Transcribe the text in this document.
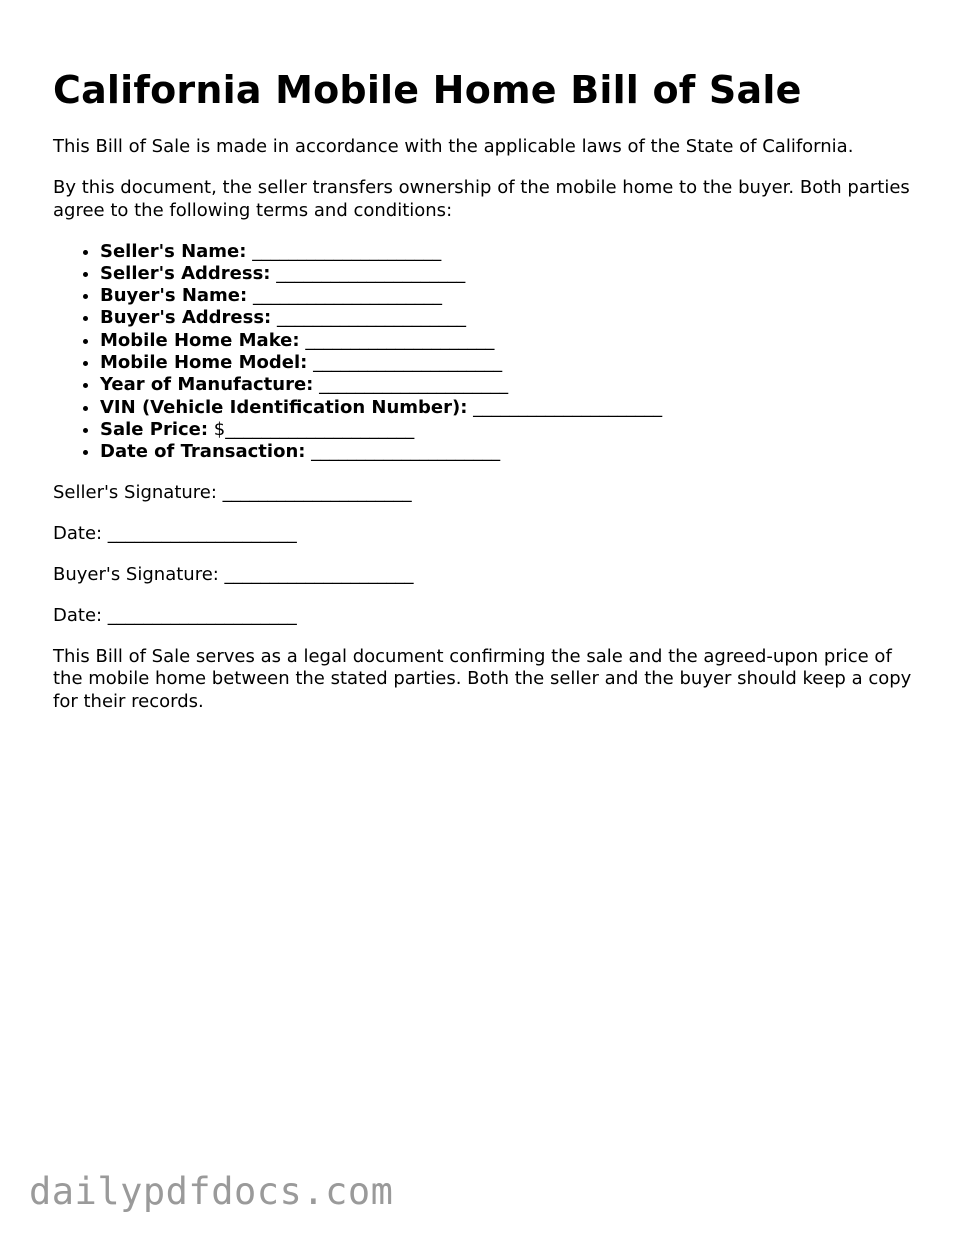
California Mobile Home Bill of Sale

This Bill of Sale is made in accordance with the applicable laws of the State of California.

By this document, the seller transfers ownership of the mobile home to the buyer. Both parties agree to the following terms and conditions:

• Seller's Name: _____________________
• Seller's Address: _____________________
• Buyer's Name: _____________________
• Buyer's Address: _____________________
• Mobile Home Make: _____________________
• Mobile Home Model: _____________________
• Year of Manufacture: _____________________
• VIN (Vehicle Identification Number): _____________________
• Sale Price: $_____________________
• Date of Transaction: _____________________

Seller's Signature: _____________________

Date: _____________________

Buyer's Signature: _____________________

Date: _____________________

This Bill of Sale serves as a legal document confirming the sale and the agreed-upon price of the mobile home between the stated parties. Both the seller and the buyer should keep a copy for their records.

dailypdfdocs.com
